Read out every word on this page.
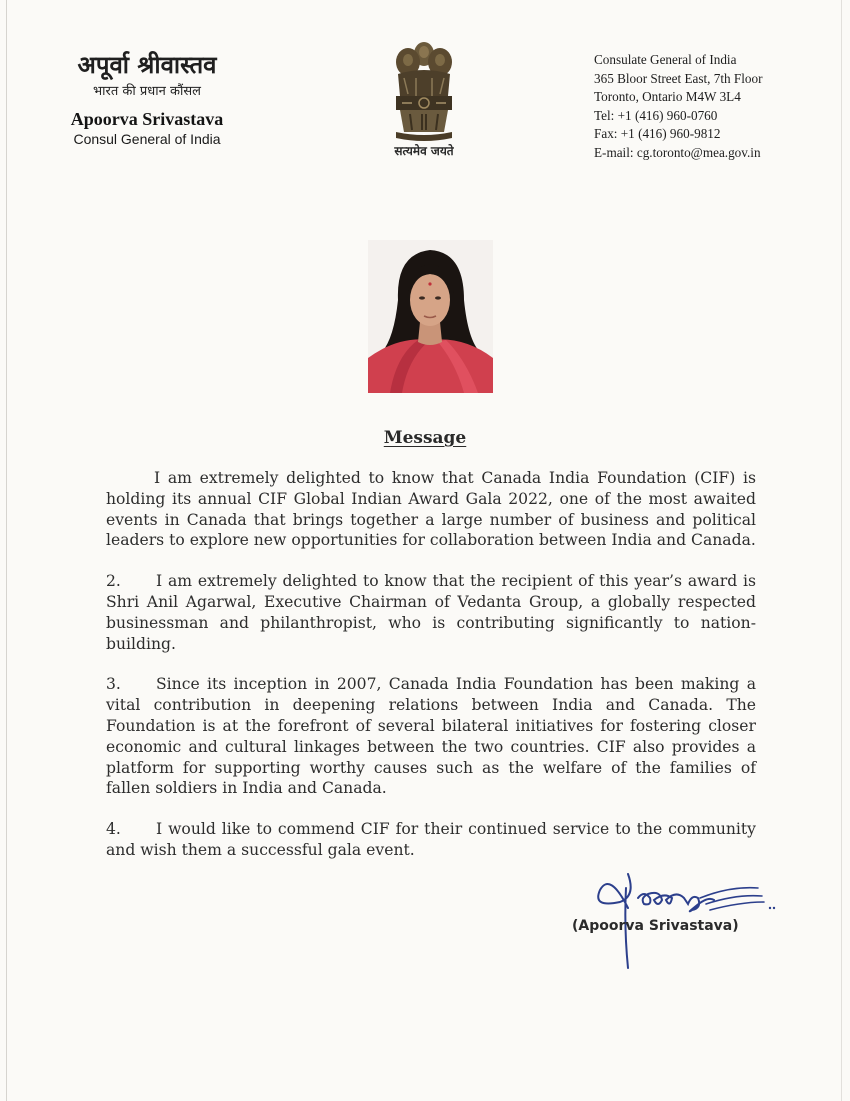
अपूर्वा श्रीवास्तव
भारत की प्रधान कौंसल
Apoorva Srivastava
Consul General of India
सत्यमेव जयते
Consulate General of India
365 Bloor Street East, 7th Floor
Toronto, Ontario M4W 3L4
Tel: +1 (416) 960-0760
Fax: +1 (416) 960-9812
E-mail: cg.toronto@mea.gov.in
Message

I am extremely delighted to know that Canada India Foundation (CIF) is holding its annual CIF Global Indian Award Gala 2022, one of the most awaited events in Canada that brings together a large number of business and political leaders to explore new opportunities for collaboration between India and Canada.

2. I am extremely delighted to know that the recipient of this year’s award is Shri Anil Agarwal, Executive Chairman of Vedanta Group, a globally respected businessman and philanthropist, who is contributing significantly to nation-building.

3. Since its inception in 2007, Canada India Foundation has been making a vital contribution in deepening relations between India and Canada. The Foundation is at the forefront of several bilateral initiatives for fostering closer economic and cultural linkages between the two countries. CIF also provides a platform for supporting worthy causes such as the welfare of the families of fallen soldiers in India and Canada.

4. I would like to commend CIF for their continued service to the community and wish them a successful gala event.

(Apoorva Srivastava)
